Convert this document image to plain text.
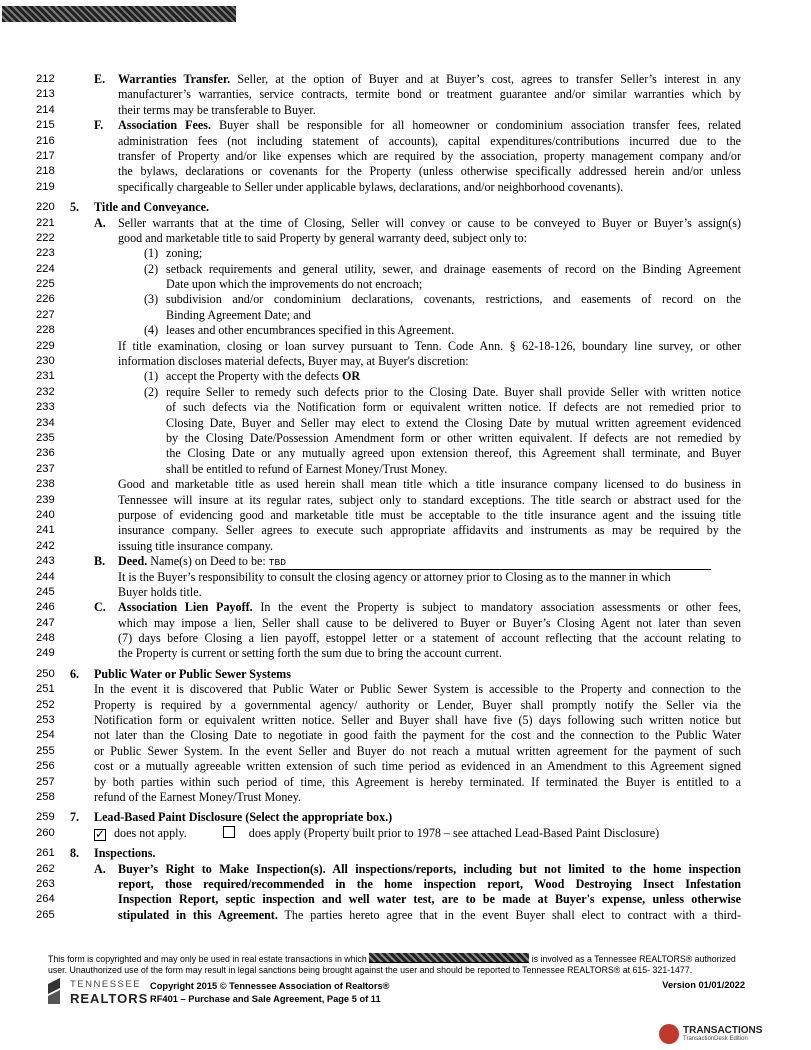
212	E. Warranties Transfer. Seller, at the option of Buyer and at Buyer’s cost, agrees to transfer Seller’s interest in any
213	manufacturer’s warranties, service contracts, termite bond or treatment guarantee and/or similar warranties which by
214	their terms may be transferable to Buyer.
215	F. Association Fees. Buyer shall be responsible for all homeowner or condominium association transfer fees, related
216	administration fees (not including statement of accounts), capital expenditures/contributions incurred due to the
217	transfer of Property and/or like expenses which are required by the association, property management company and/or
218	the bylaws, declarations or covenants for the Property (unless otherwise specifically addressed herein and/or unless
219	specifically chargeable to Seller under applicable bylaws, declarations, and/or neighborhood covenants).
220	5. Title and Conveyance.
221	A. Seller warrants that at the time of Closing, Seller will convey or cause to be conveyed to Buyer or Buyer’s assign(s)
222	good and marketable title to said Property by general warranty deed, subject only to:
223	(1) zoning;
224	(2) setback requirements and general utility, sewer, and drainage easements of record on the Binding Agreement
225	Date upon which the improvements do not encroach;
226	(3) subdivision and/or condominium declarations, covenants, restrictions, and easements of record on the
227	Binding Agreement Date; and
228	(4) leases and other encumbrances specified in this Agreement.
229	If title examination, closing or loan survey pursuant to Tenn. Code Ann. § 62-18-126, boundary line survey, or other
230	information discloses material defects, Buyer may, at Buyer's discretion:
231	(1) accept the Property with the defects OR
232	(2) require Seller to remedy such defects prior to the Closing Date. Buyer shall provide Seller with written notice
233	of such defects via the Notification form or equivalent written notice. If defects are not remedied prior to
234	Closing Date, Buyer and Seller may elect to extend the Closing Date by mutual written agreement evidenced
235	by the Closing Date/Possession Amendment form or other written equivalent. If defects are not remedied by
236	the Closing Date or any mutually agreed upon extension thereof, this Agreement shall terminate, and Buyer
237	shall be entitled to refund of Earnest Money/Trust Money.
238	Good and marketable title as used herein shall mean title which a title insurance company licensed to do business in
239	Tennessee will insure at its regular rates, subject only to standard exceptions. The title search or abstract used for the
240	purpose of evidencing good and marketable title must be acceptable to the title insurance agent and the issuing title
241	insurance company. Seller agrees to execute such appropriate affidavits and instruments as may be required by the
242	issuing title insurance company.
243	B. Deed. Name(s) on Deed to be: TBD
244	It is the Buyer’s responsibility to consult the closing agency or attorney prior to Closing as to the manner in which
245	Buyer holds title.
246	C. Association Lien Payoff. In the event the Property is subject to mandatory association assessments or other fees,
247	which may impose a lien, Seller shall cause to be delivered to Buyer or Buyer’s Closing Agent not later than seven
248	(7) days before Closing a lien payoff, estoppel letter or a statement of account reflecting that the account relating to
249	the Property is current or setting forth the sum due to bring the account current.
250	6. Public Water or Public Sewer Systems
251	In the event it is discovered that Public Water or Public Sewer System is accessible to the Property and connection to the
252	Property is required by a governmental agency/ authority or Lender, Buyer shall promptly notify the Seller via the
253	Notification form or equivalent written notice. Seller and Buyer shall have five (5) days following such written notice but
254	not later than the Closing Date to negotiate in good faith the payment for the cost and the connection to the Public Water
255	or Public Sewer System. In the event Seller and Buyer do not reach a mutual written agreement for the payment of such
256	cost or a mutually agreeable written extension of such time period as evidenced in an Amendment to this Agreement signed
257	by both parties within such period of time, this Agreement is hereby terminated. If terminated the Buyer is entitled to a
258	refund of the Earnest Money/Trust Money.
259	7. Lead-Based Paint Disclosure (Select the appropriate box.)
260	✓ does not apply.	does apply (Property built prior to 1978 – see attached Lead-Based Paint Disclosure)
261	8. Inspections.
262	A. Buyer’s Right to Make Inspection(s). All inspections/reports, including but not limited to the home inspection
263	report, those required/recommended in the home inspection report, Wood Destroying Insect Infestation
264	Inspection Report, septic inspection and well water test, are to be made at Buyer's expense, unless otherwise
265	stipulated in this Agreement. The parties hereto agree that in the event Buyer shall elect to contract with a third-
This form is copyrighted and may only be used in real estate transactions in which	is involved as a Tennessee REALTORS® authorized
user. Unauthorized use of the form may result in legal sanctions being brought against the user and should be reported to Tennessee REALTORS® at 615- 321-1477.
TENNESSEE
REALTORS
Copyright 2015 © Tennessee Association of Realtors®
RF401 – Purchase and Sale Agreement, Page 5 of 11
Version 01/01/2022
TRANSACTIONS
TransactionDesk Edition
